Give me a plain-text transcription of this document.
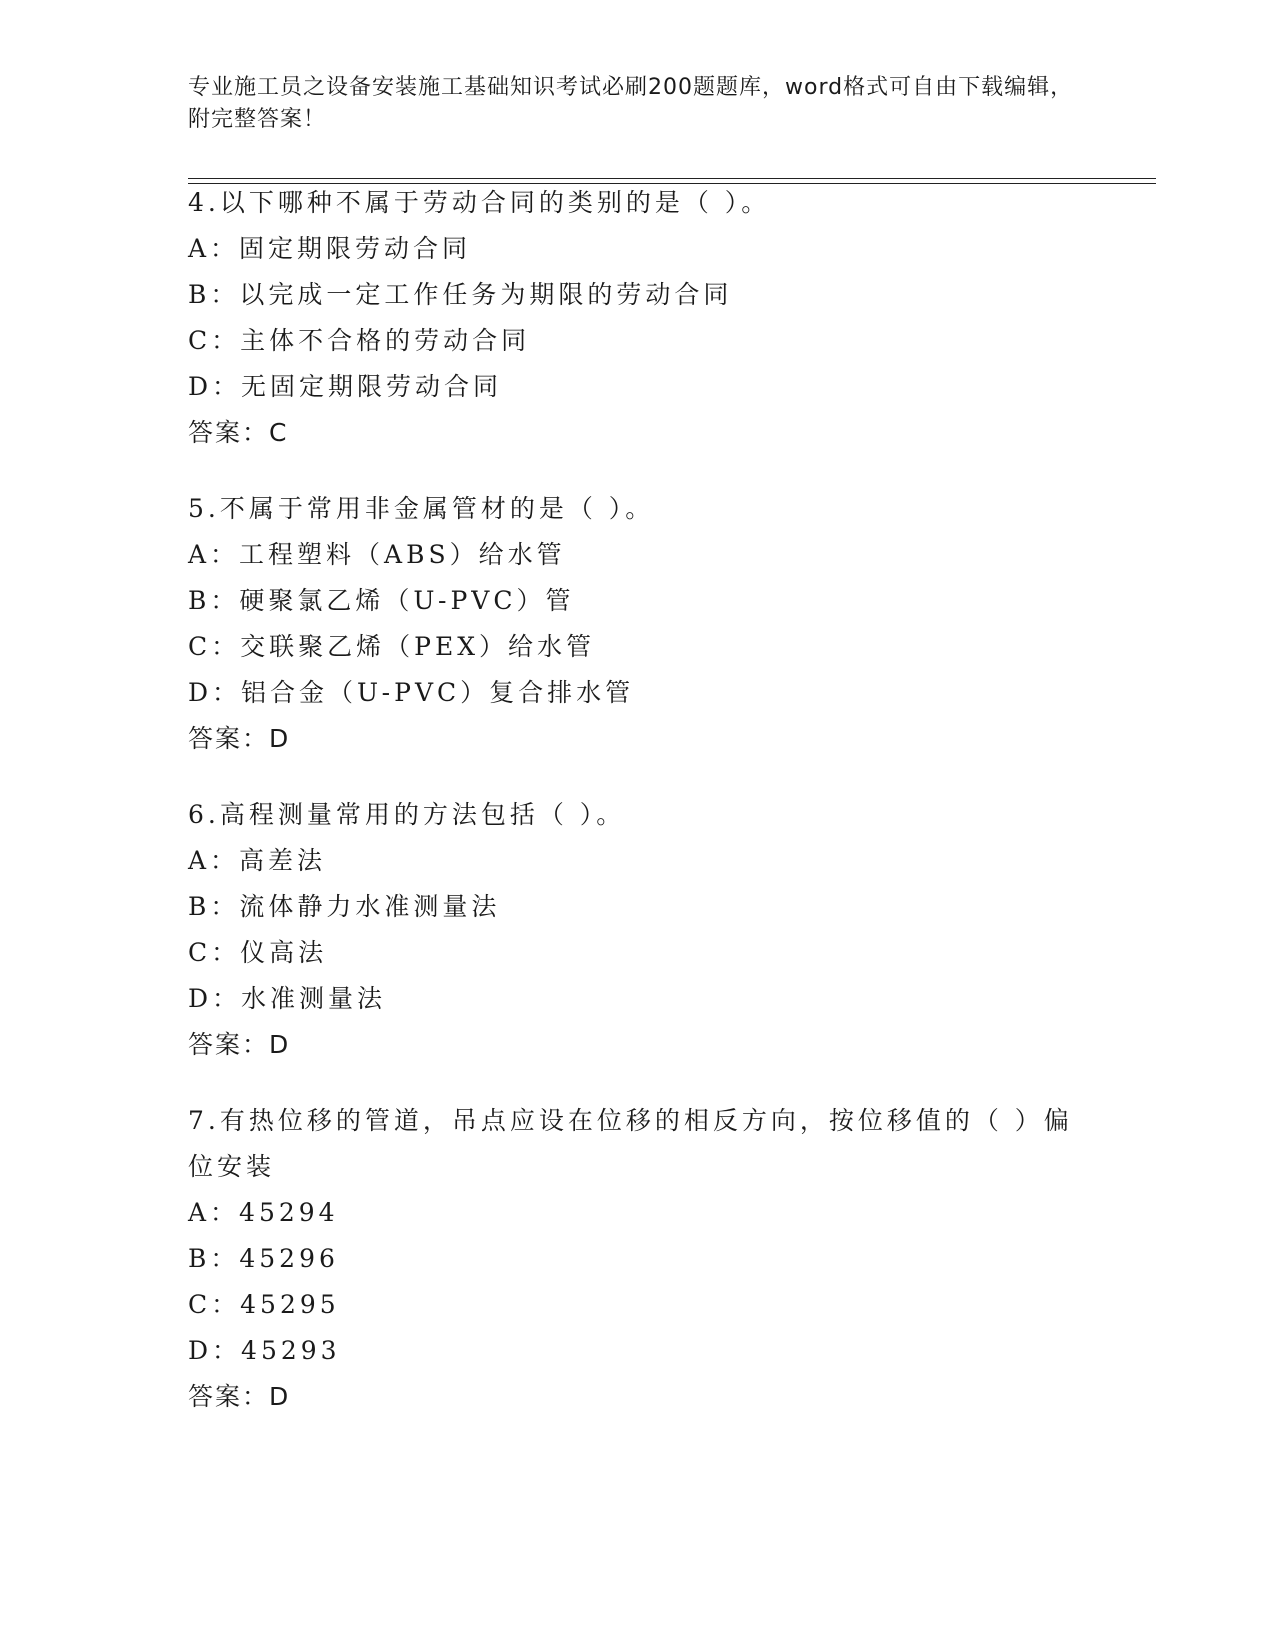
专业施工员之设备安装施工基础知识考试必刷200题题库，word格式可自由下载编辑，附完整答案！
4.以下哪种不属于劳动合同的类别的是（ ）。
A：固定期限劳动合同
B：以完成一定工作任务为期限的劳动合同
C：主体不合格的劳动合同
D：无固定期限劳动合同
答案：C
5.不属于常用非金属管材的是（ ）。
A：工程塑料（ABS）给水管
B：硬聚氯乙烯（U-PVC）管
C：交联聚乙烯（PEX）给水管
D：铝合金（U-PVC）复合排水管
答案：D
6.高程测量常用的方法包括（ ）。
A：高差法
B：流体静力水准测量法
C：仪高法
D：水准测量法
答案：D
7.有热位移的管道，吊点应设在位移的相反方向，按位移值的（ ）偏位安装
A：45294
B：45296
C：45295
D：45293
答案：D
